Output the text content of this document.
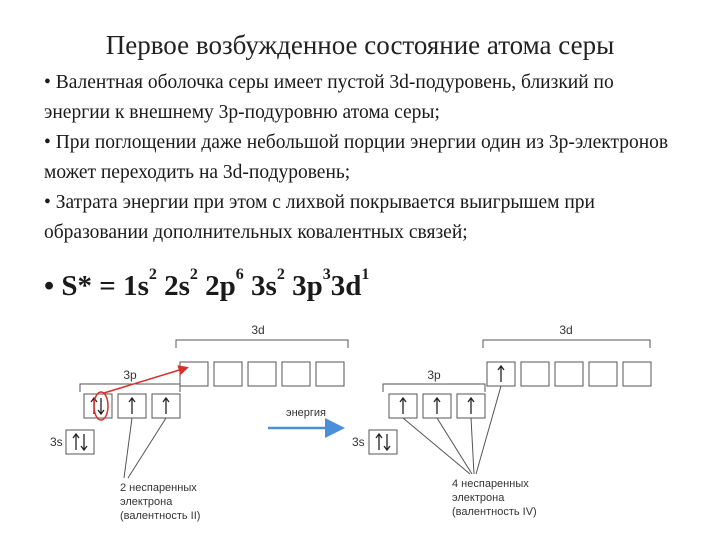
Первое возбужденное состояние атома серы

• Валентная оболочка серы имеет пустой 3d-подуровень, близкий по энергии к внешнему 3р-подуровню атома серы;

• При поглощении даже небольшой порции энергии один из 3р-электронов может переходить на 3d-подуровень;

• Затрата энергии при этом с лихвой покрывается выигрышем при образовании дополнительных ковалентных связей;

• $S* = 1s^2$ $2s^2$ $2p^6$ $3s^2$ $3p^33d^1$
3d
3p
3s
2 неспаренных
электрона
(валентность II)
энергия
3d
3p
3s
4 неспаренных
электрона
(валентность IV)
